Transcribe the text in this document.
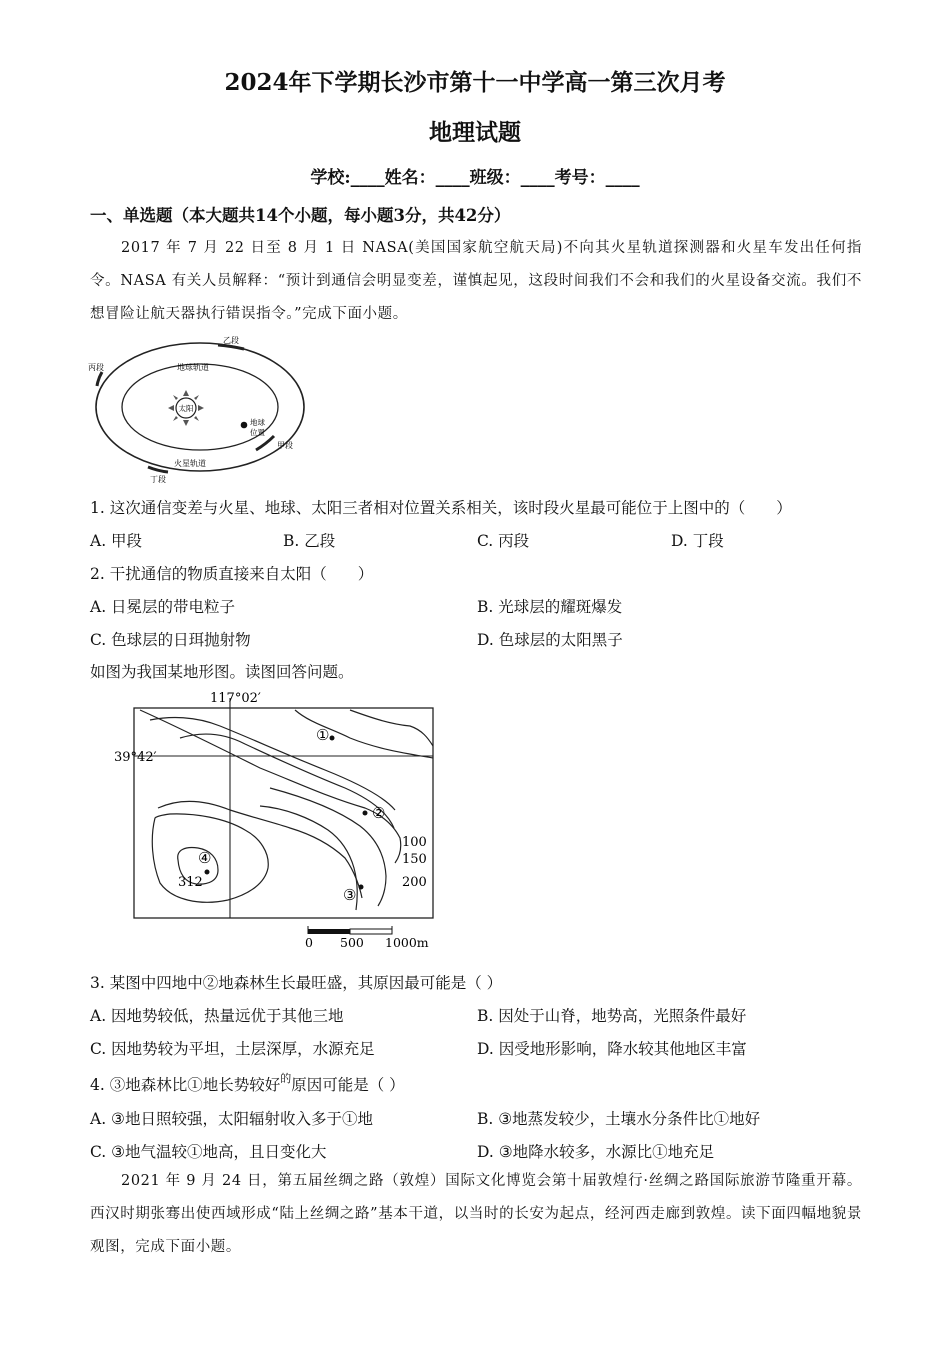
2024年下学期长沙市第十一中学高一第三次月考
地理试题
学校:____姓名：____班级：____考号：____
一、单选题（本大题共14个小题，每小题3分，共42分）

2017 年 7 月 22 日至 8 月 1 日 NASA(美国国家航空航天局)不向其火星轨道探测器和火星车发出任何指令。NASA 有关人员解释：“预计到通信会明显变差，谨慎起见，这段时间我们不会和我们的火星设备交流。我们不想冒险让航天器执行错误指令。”完成下面小题。

太阳
地球轨道
火星轨道
地球
位置
乙段
丙段
甲段
丁段
1. 这次通信变差与火星、地球、太阳三者相对位置关系相关，该时段火星最可能位于上图中的（　　）
A. 甲段	B. 乙段	C. 丙段	D. 丁段
2. 干扰通信的物质直接来自太阳（　　）
A. 日冕层的带电粒子	B. 光球层的耀斑爆发
C. 色球层的日珥抛射物	D. 色球层的太阳黑子
如图为我国某地形图。读图回答问题。
117°02′
39°42′
①
②
③
④
312
100
150
200
0 500 1000m
3. 某图中四地中②地森林生长最旺盛，其原因最可能是（ ）
A. 因地势较低，热量远优于其他三地	B. 因处于山脊，地势高，光照条件最好
C. 因地势较为平坦，土层深厚，水源充足	D. 因受地形影响，降水较其他地区丰富
4. ③地森林比①地长势较好$^的$原因可能是（ ）
A. ③地日照较强，太阳辐射收入多于①地	B. ③地蒸发较少，土壤水分条件比①地好
C. ③地气温较①地高，且日变化大	D. ③地降水较多，水源比①地充足

2021 年 9 月 24 日，第五届丝绸之路（敦煌）国际文化博览会第十届敦煌行·丝绸之路国际旅游节隆重开幕。西汉时期张骞出使西域形成“陆上丝绸之路”基本干道，以当时的长安为起点，经河西走廊到敦煌。读下面四幅地貌景观图，完成下面小题。
